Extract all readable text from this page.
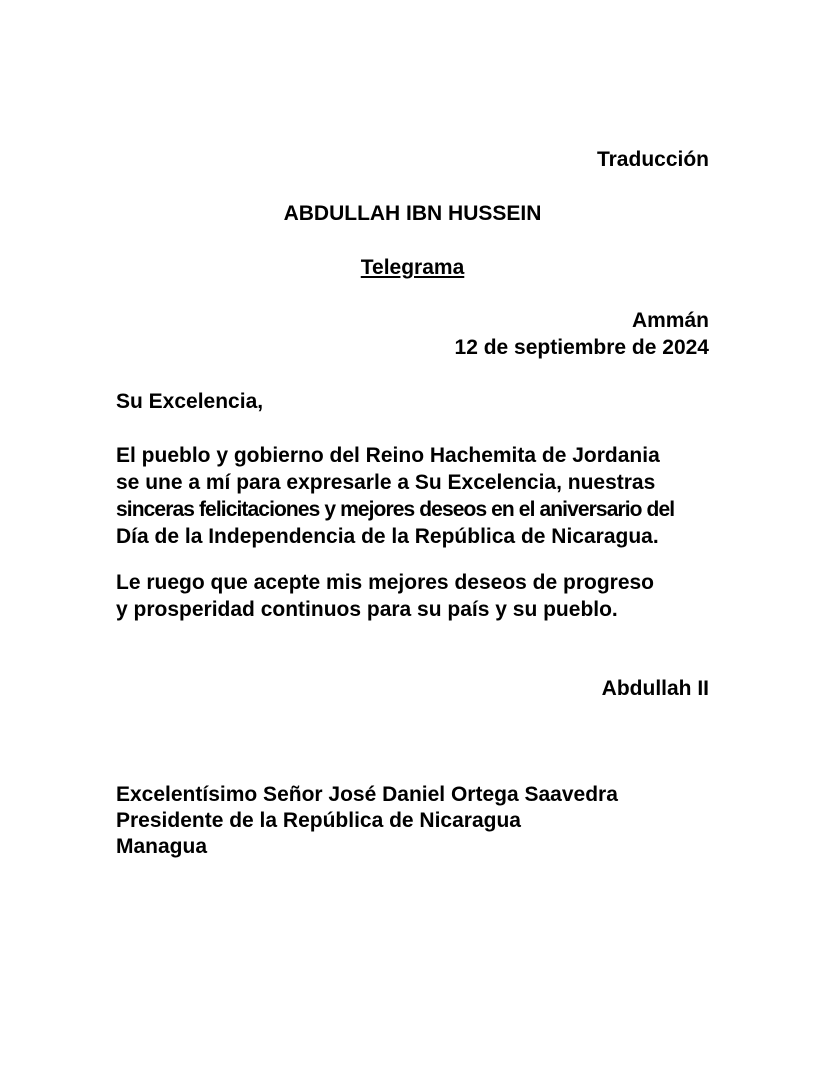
Traducción
ABDULLAH IBN HUSSEIN
Telegrama
Ammán
12 de septiembre de 2024
Su Excelencia,
El pueblo y gobierno del Reino Hachemita de Jordania
se une a mí para expresarle a Su Excelencia, nuestras
sinceras felicitaciones y mejores deseos en el aniversario del
Día de la Independencia de la República de Nicaragua.
Le ruego que acepte mis mejores deseos de progreso
y prosperidad continuos para su país y su pueblo.
Abdullah II
Excelentísimo Señor José Daniel Ortega Saavedra
Presidente de la República de Nicaragua
Managua
